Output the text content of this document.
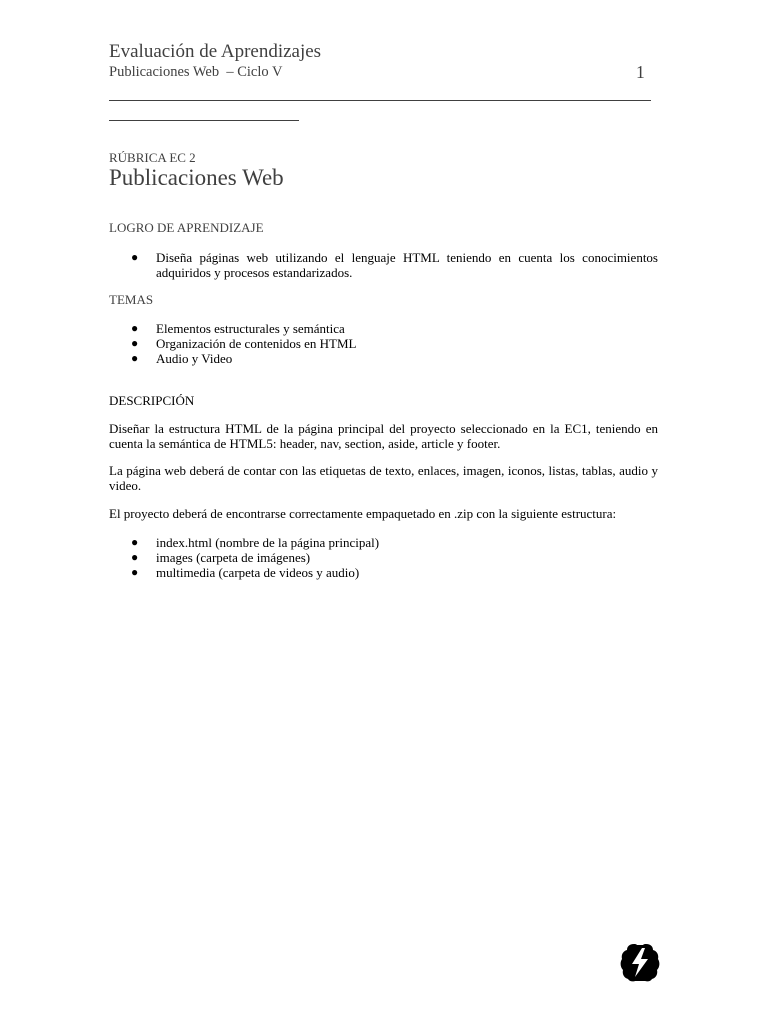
Evaluación de Aprendizajes
Publicaciones Web  – Ciclo V	1
RÚBRICA EC 2
Publicaciones Web
LOGRO DE APRENDIZAJE
● Diseña páginas web utilizando el lenguaje HTML teniendo en cuenta los conocimientos adquiridos y procesos estandarizados.
TEMAS
● Elementos estructurales y semántica
● Organización de contenidos en HTML
● Audio y Video
DESCRIPCIÓN
Diseñar la estructura HTML de la página principal del proyecto seleccionado en la EC1, teniendo en cuenta la semántica de HTML5: header, nav, section, aside, article y footer.
La página web deberá de contar con las etiquetas de texto, enlaces, imagen, iconos, listas, tablas, audio y video.
El proyecto deberá de encontrarse correctamente empaquetado en .zip con la siguiente estructura:
● index.html (nombre de la página principal)
● images (carpeta de imágenes)
● multimedia (carpeta de videos y audio)
